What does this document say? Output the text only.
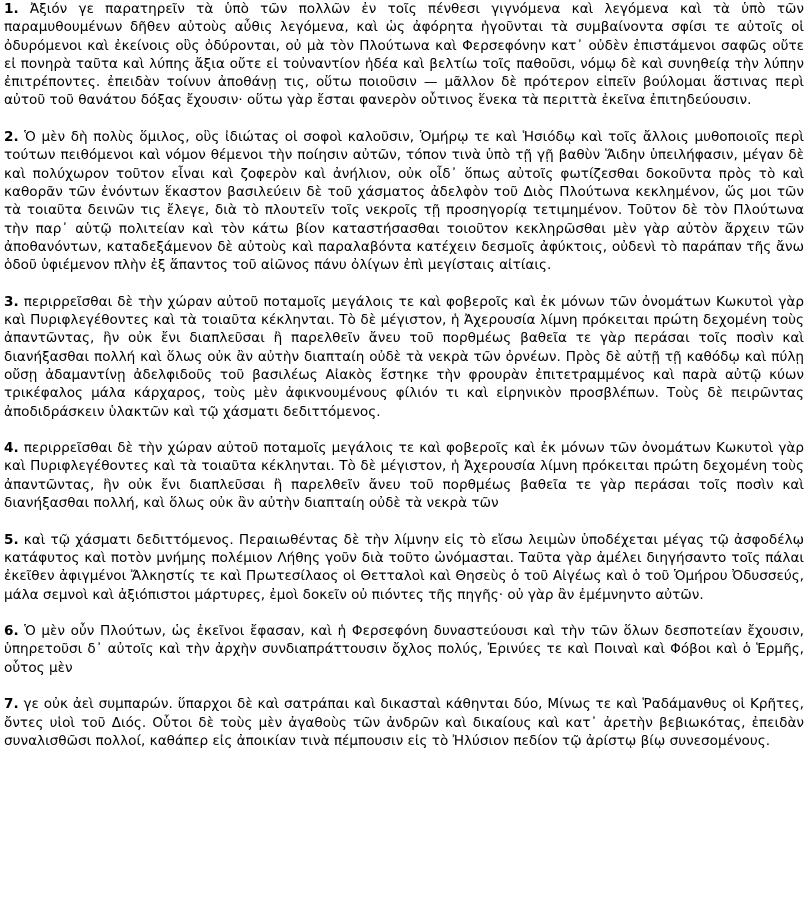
1. Ἀξιόν γε παρατηρεῖν τὰ ὑπὸ τῶν πολλῶν ἐν τοῖς πένθεσι γιγνόμενα καὶ λεγόμενα καὶ τὰ ὑπὸ τῶν παραμυθουμένων δῆθεν αὐτοὺς αὖθις λεγόμενα, καὶ ὡς ἀφόρητα ἡγοῦνται τὰ συμβαίνοντα σφίσι τε αὐτοῖς οἱ ὀδυρόμενοι καὶ ἐκείνοις οὓς ὀδύρονται, οὐ μὰ τὸν Πλούτωνα καὶ Φερσεφόνην κατ᾿ οὐδὲν ἐπιστάμενοι σαφῶς οὔτε εἰ πονηρὰ ταῦτα καὶ λύπης ἄξια οὔτε εἰ τοὐναντίον ἡδέα καὶ βελτίω τοῖς παθοῦσι, νόμῳ δὲ καὶ συνηθείᾳ τὴν λύπην ἐπιτρέποντες. ἐπειδὰν τοίνυν ἀποθάνῃ τις, οὕτω ποιοῦσιν — μᾶλλον δὲ πρότερον εἰπεῖν βούλομαι ἅστινας περὶ αὐτοῦ τοῦ θανάτου δόξας ἔχουσιν· οὕτω γὰρ ἔσται φανερὸν οὗτινος ἕνεκα τὰ περιττὰ ἐκεῖνα ἐπιτηδεύουσιν.

2. Ὁ μὲν δὴ πολὺς ὅμιλος, οὓς ἰδιώτας οἱ σοφοὶ καλοῦσιν, Ὁμήρῳ τε καὶ Ἡσιόδῳ καὶ τοῖς ἄλλοις μυθοποιοῖς περὶ τούτων πειθόμενοι καὶ νόμον θέμενοι τὴν ποίησιν αὐτῶν, τόπον τινὰ ὑπὸ τῇ γῇ βαθὺν Ἅιδην ὑπειλήφασιν, μέγαν δὲ καὶ πολύχωρον τοῦτον εἶναι καὶ ζοφερὸν καὶ ἀνήλιον, οὐκ οἶδ᾿ ὅπως αὐτοῖς φωτίζεσθαι δοκοῦντα πρὸς τὸ καὶ καθορᾶν τῶν ἐνόντων ἕκαστον βασιλεύειν δὲ τοῦ χάσματος ἀδελφὸν τοῦ Διὸς Πλούτωνα κεκλημένον, ὥς μοι τῶν τὰ τοιαῦτα δεινῶν τις ἔλεγε, διὰ τὸ πλουτεῖν τοῖς νεκροῖς τῇ προσηγορίᾳ τετιμημένον. Τοῦτον δὲ τὸν Πλούτωνα τὴν παρ᾿ αὑτῷ πολιτείαν καὶ τὸν κάτω βίον καταστήσασθαι τοιοῦτον κεκληρῶσθαι μὲν γὰρ αὐτὸν ἄρχειν τῶν ἀποθανόντων, καταδεξάμενον δὲ αὐτοὺς καὶ παραλαβόντα κατέχειν δεσμοῖς ἀφύκτοις, οὐδενὶ τὸ παράπαν τῆς ἄνω ὁδοῦ ὑφιέμενον πλὴν ἐξ ἅπαντος τοῦ αἰῶνος πάνυ ὀλίγων ἐπὶ μεγίσταις αἰτίαις.

3. περιρρεῖσθαι δὲ τὴν χώραν αὐτοῦ ποταμοῖς μεγάλοις τε καὶ φοβεροῖς καὶ ἐκ μόνων τῶν ὀνομάτων Κωκυτοὶ γὰρ καὶ Πυριφλεγέθοντες καὶ τὰ τοιαῦτα κέκληνται. Τὸ δὲ μέγιστον, ἡ Ἀχερουσία λίμνη πρόκειται πρώτη δεχομένη τοὺς ἀπαντῶντας, ἣν οὐκ ἔνι διαπλεῦσαι ἢ παρελθεῖν ἄνευ τοῦ πορθμέως βαθεῖα τε γὰρ περάσαι τοῖς ποσὶν καὶ διανήξασθαι πολλή καὶ ὅλως οὐκ ἂν αὐτὴν διαπταίη οὐδὲ τὰ νεκρὰ τῶν ὀρνέων. Πρὸς δὲ αὐτῇ τῇ καθόδῳ καὶ πύλῃ οὔσῃ ἀδαμαντίνῃ ἀδελφιδοῦς τοῦ βασιλέως Αἰακὸς ἕστηκε τὴν φρουρὰν ἐπιτετραμμένος καὶ παρὰ αὐτῷ κύων τρικέφαλος μάλα κάρχαρος, τοὺς μὲν ἀφικνουμένους φίλιόν τι καὶ εἰρηνικὸν προσβλέπων. Τοὺς δὲ πειρῶντας ἀποδιδράσκειν ὑλακτῶν καὶ τῷ χάσματι δεδιττόμενος.

4. περιρρεῖσθαι δὲ τὴν χώραν αὐτοῦ ποταμοῖς μεγάλοις τε καὶ φοβεροῖς καὶ ἐκ μόνων τῶν ὀνομάτων Κωκυτοὶ γὰρ καὶ Πυριφλεγέθοντες καὶ τὰ τοιαῦτα κέκληνται. Τὸ δὲ μέγιστον, ἡ Ἀχερουσία λίμνη πρόκειται πρώτη δεχομένη τοὺς ἀπαντῶντας, ἣν οὐκ ἔνι διαπλεῦσαι ἢ παρελθεῖν ἄνευ τοῦ πορθμέως βαθεῖα τε γὰρ περάσαι τοῖς ποσὶν καὶ διανήξασθαι πολλή, καὶ ὅλως οὐκ ἂν αὐτὴν διαπταίη οὐδὲ τὰ νεκρὰ τῶν

5. καὶ τῷ χάσματι δεδιττόμενος. Περαιωθέντας δὲ τὴν λίμνην εἰς τὸ εἴσω λειμὼν ὑποδέχεται μέγας τῷ ἀσφοδέλῳ κατάφυτος καὶ ποτὸν μνήμης πολέμιον Λήθης γοῦν διὰ τοῦτο ὠνόμασται. Ταῦτα γὰρ ἀμέλει διηγήσαντο τοῖς πάλαι ἐκεῖθεν ἀφιγμένοι Ἄλκηστίς τε καὶ Πρωτεσίλαος οἱ Θετταλοὶ καὶ Θησεὺς ὁ τοῦ Αἰγέως καὶ ὁ τοῦ Ὁμήρου Ὀδυσσεύς, μάλα σεμνοὶ καὶ ἀξιόπιστοι μάρτυρες, ἐμοὶ δοκεῖν οὐ πιόντες τῆς πηγῆς· οὐ γὰρ ἂν ἐμέμνηντο αὐτῶν.

6. Ὁ μὲν οὖν Πλούτων, ὡς ἐκεῖνοι ἔφασαν, καὶ ἡ Φερσεφόνη δυναστεύουσι καὶ τὴν τῶν ὅλων δεσποτείαν ἔχουσιν, ὑπηρετοῦσι δ᾿ αὐτοῖς καὶ τὴν ἀρχὴν συνδιαπράττουσιν ὄχλος πολύς, Ἐρινύες τε καὶ Ποιναὶ καὶ Φόβοι καὶ ὁ Ἑρμῆς, οὗτος μὲν

7. γε οὐκ ἀεὶ συμπαρών. ὕπαρχοι δὲ καὶ σατράπαι καὶ δικασταὶ κάθηνται δύο, Μίνως τε καὶ Ῥαδάμανθυς οἱ Κρῆτες, ὄντες υἱοὶ τοῦ Διός. Οὗτοι δὲ τοὺς μὲν ἀγαθοὺς τῶν ἀνδρῶν καὶ δικαίους καὶ κατ᾿ ἀρετὴν βεβιωκότας, ἐπειδὰν συναλισθῶσι πολλοί, καθάπερ εἰς ἀποικίαν τινὰ πέμπουσιν εἰς τὸ Ἠλύσιον πεδίον τῷ ἀρίστῳ βίῳ συνεσομένους.
